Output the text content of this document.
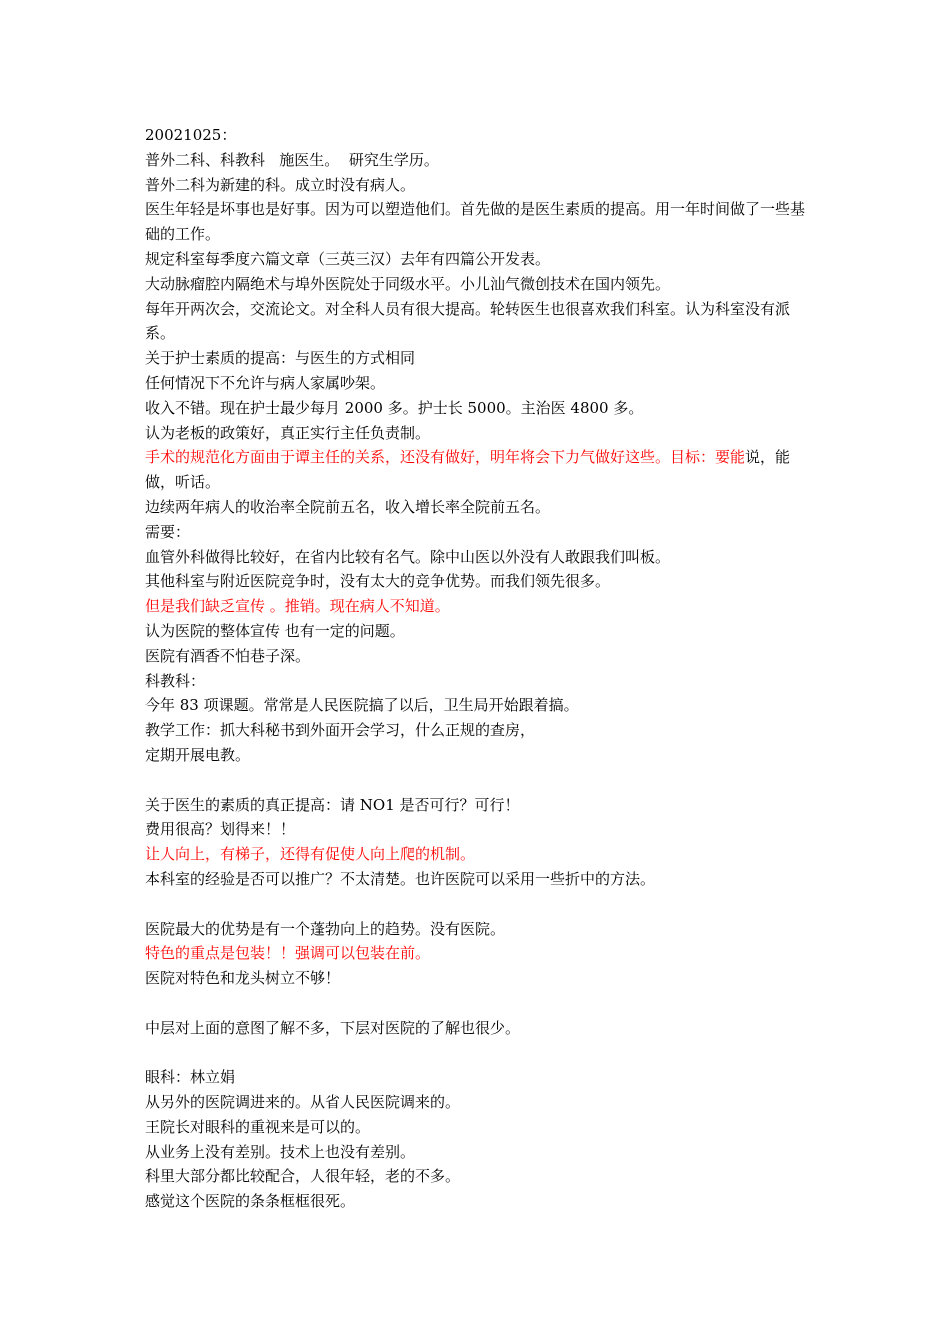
20021025：

普外二科、科教科   施医生。  研究生学历。

普外二科为新建的科。成立时没有病人。

医生年轻是坏事也是好事。因为可以塑造他们。首先做的是医生素质的提高。用一年时间做了一些基础的工作。

规定科室每季度六篇文章（三英三汉）去年有四篇公开发表。

大动脉瘤腔内隔绝术与埠外医院处于同级水平。小儿汕气微创技术在国内领先。

每年开两次会，交流论文。对全科人员有很大提高。轮转医生也很喜欢我们科室。认为科室没有派系。

关于护士素质的提高：与医生的方式相同

任何情况下不允许与病人家属吵架。

收入不错。现在护士最少每月 2000 多。护士长 5000。主治医 4800 多。

认为老板的政策好，真正实行主任负责制。

手术的规范化方面由于谭主任的关系，还没有做好，明年将会下力气做好这些。目标：要能说，能做，听话。

边续两年病人的收治率全院前五名，收入增长率全院前五名。

需要：

血管外科做得比较好，在省内比较有名气。除中山医以外没有人敢跟我们叫板。

其他科室与附近医院竞争时，没有太大的竞争优势。而我们领先很多。

但是我们缺乏宣传 。推销。现在病人不知道。

认为医院的整体宣传 也有一定的问题。

医院有酒香不怕巷子深。

科教科：

今年 83 项课题。常常是人民医院搞了以后，卫生局开始跟着搞。

教学工作：抓大科秘书到外面开会学习，什么正规的查房，

定期开展电教。

关于医生的素质的真正提高：请 NO1 是否可行？可行！

费用很高？划得来！！

让人向上，有梯子，还得有促使人向上爬的机制。

本科室的经验是否可以推广？不太清楚。也许医院可以采用一些折中的方法。

医院最大的优势是有一个蓬勃向上的趋势。没有医院。

特色的重点是包装！！强调可以包装在前。

医院对特色和龙头树立不够！

中层对上面的意图了解不多，下层对医院的了解也很少。

眼科：林立娟

从另外的医院调进来的。从省人民医院调来的。

王院长对眼科的重视来是可以的。

从业务上没有差别。技术上也没有差别。

科里大部分都比较配合，人很年轻，老的不多。

感觉这个医院的条条框框很死。
